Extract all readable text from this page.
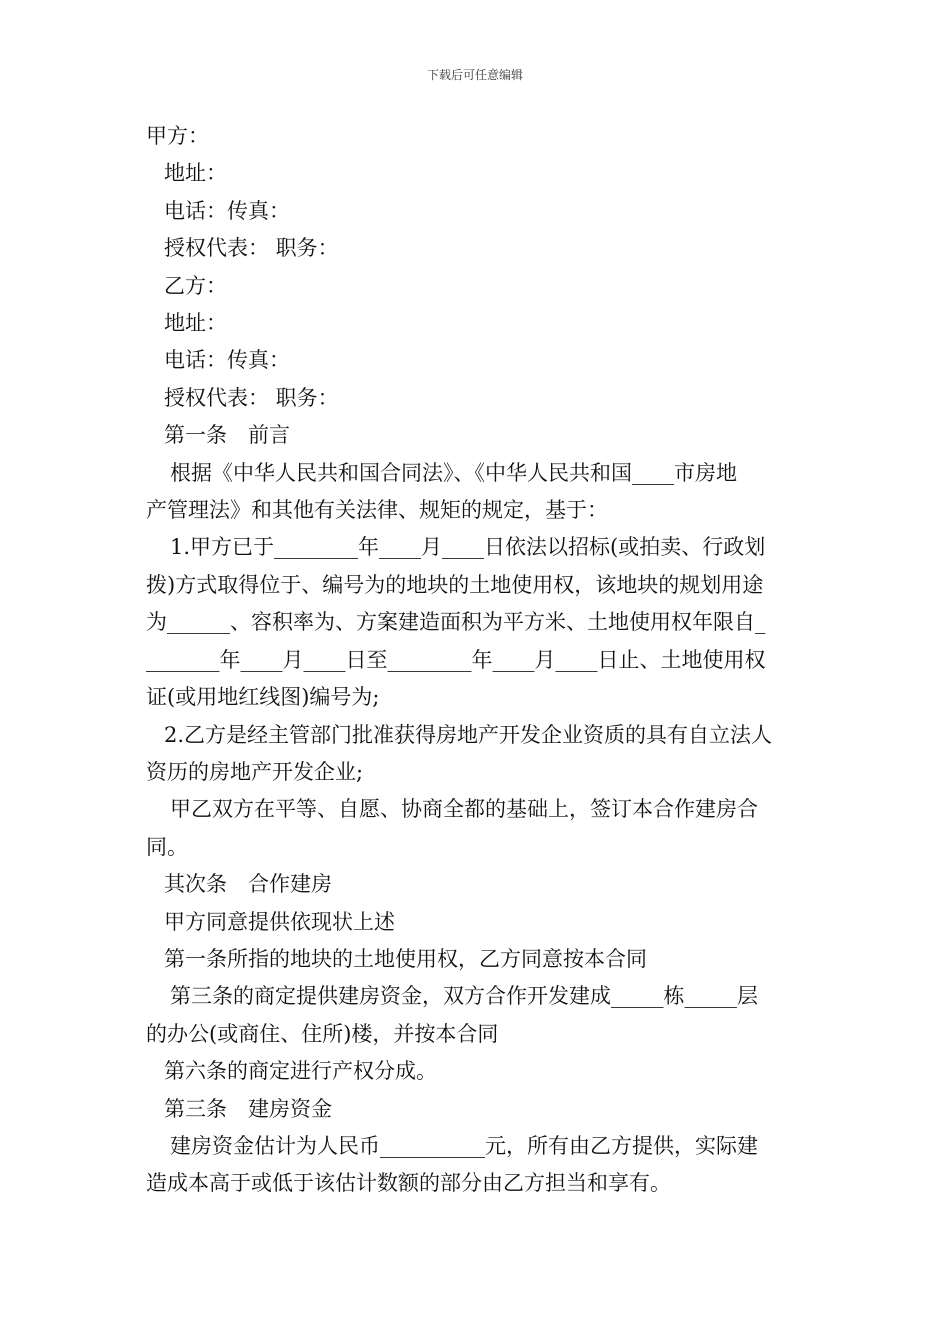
下载后可任意编辑

甲方：

地址：

电话：传真：

授权代表： 职务：

乙方：

地址：

电话：传真：

授权代表： 职务：

第一条　前言

根据《中华人民共和国合同法》、《中华人民共和国____市房地

产管理法》和其他有关法律、规矩的规定，基于：

1.甲方已于________年____月____日依法以招标(或拍卖、行政划

拨)方式取得位于、编号为的地块的土地使用权，该地块的规划用途

为______、容积率为、方案建造面积为平方米、土地使用权年限自_

_______年____月____日至________年____月____日止、土地使用权

证(或用地红线图)编号为;

2.乙方是经主管部门批准获得房地产开发企业资质的具有自立法人

资历的房地产开发企业;

甲乙双方在平等、自愿、协商全都的基础上，签订本合作建房合

同。

其次条　合作建房

甲方同意提供依现状上述

第一条所指的地块的土地使用权，乙方同意按本合同

第三条的商定提供建房资金，双方合作开发建成_____栋_____层

的办公(或商住、住所)楼，并按本合同

第六条的商定进行产权分成。

第三条　建房资金

建房资金估计为人民币__________元，所有由乙方提供，实际建

造成本高于或低于该估计数额的部分由乙方担当和享有。
